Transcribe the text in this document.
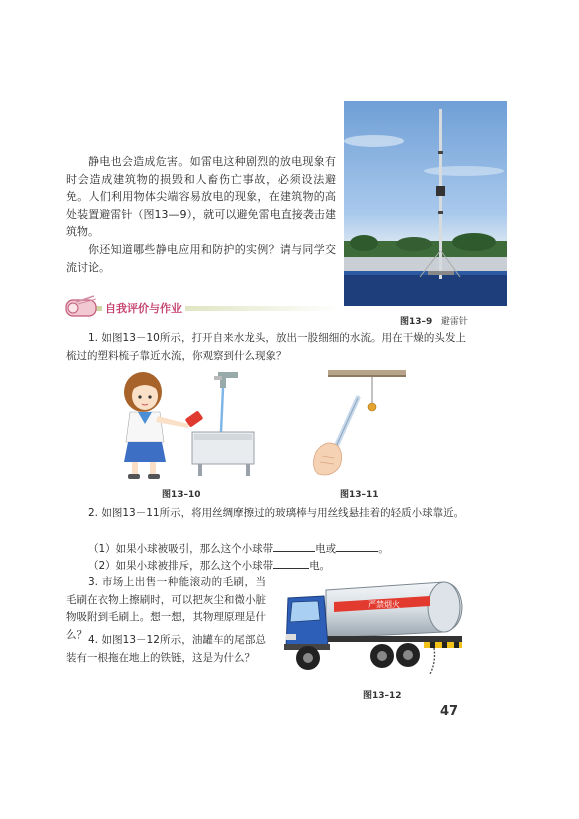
静电也会造成危害。如雷电这种剧烈的放电现象有时会造成建筑物的损毁和人畜伤亡事故，必须设法避免。人们利用物体尖端容易放电的现象，在建筑物的高处装置避雷针（图13—9），就可以避免雷电直接袭击建筑物。

你还知道哪些静电应用和防护的实例？请与同学交流讨论。

图13–9 避雷针
自我评价与作业

1. 如图13－10所示，打开自来水龙头，放出一股细细的水流。用在干燥的头发上梳过的塑料梳子靠近水流，你观察到什么现象？

图13–10	图13–11

2. 如图13－11所示，将用丝绸摩擦过的玻璃棒与用丝线悬挂着的轻质小球靠近。

（1）如果小球被吸引，那么这个小球带	电或	。
（2）如果小球被排斥，那么这个小球带	电。

3. 市场上出售一种能滚动的毛刷，当毛刷在衣物上擦刷时，可以把灰尘和微小脏物吸附到毛刷上。想一想，其物理原理是什么？ 4. 如图13－12所示，油罐车的尾部总装有一根拖在地上的铁链，这是为什么？

严禁烟火
图13–12
47
